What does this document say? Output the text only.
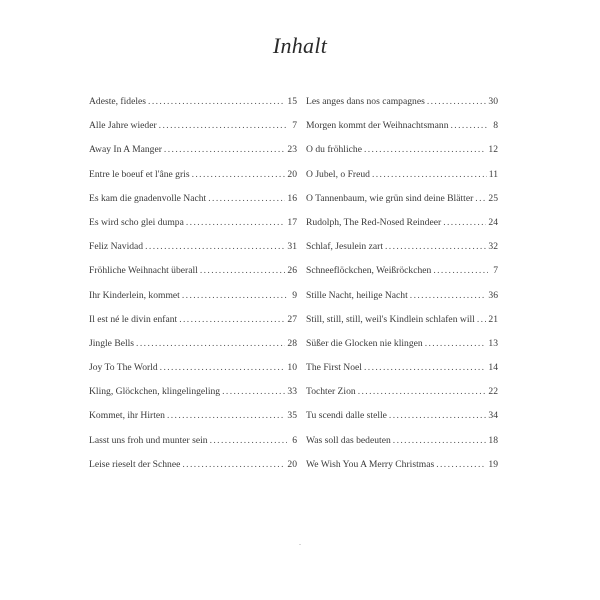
Inhalt
Adeste, fideles . . .	15
Alle Jahre wieder . . .	7
Away In A Manger . . .	23
Entre le boeuf et l'âne gris . . .	20
Es kam die gnadenvolle Nacht . . .	16
Es wird scho glei dumpa . . .	17
Feliz Navidad . . .	31
Fröhliche Weihnacht überall . . .	26
Ihr Kinderlein, kommet . . .	9
Il est né le divin enfant . . .	27
Jingle Bells . . .	28
Joy To The World . . .	10
Kling, Glöckchen, klingelingeling . . .	33
Kommet, ihr Hirten . . .	35
Lasst uns froh und munter sein . . .	6
Leise rieselt der Schnee . . .	20
Les anges dans nos campagnes . . .	30
Morgen kommt der Weihnachtsmann . . .	8
O du fröhliche . . .	12
O Jubel, o Freud . . .	11
O Tannenbaum, wie grün sind deine Blätter . . . 25
Rudolph, The Red-Nosed Reindeer . . .	24
Schlaf, Jesulein zart . . .	32
Schneeflöckchen, Weißröckchen . . .	7
Stille Nacht, heilige Nacht . . .	36
Still, still, still, weil's Kindlein schlafen will . . . 21
Süßer die Glocken nie klingen . . .	13
The First Noel . . .	14
Tochter Zion . . .	22
Tu scendi dalle stelle . . .	34
Was soll das bedeuten . . .	18
We Wish You A Merry Christmas . . .	19
.
